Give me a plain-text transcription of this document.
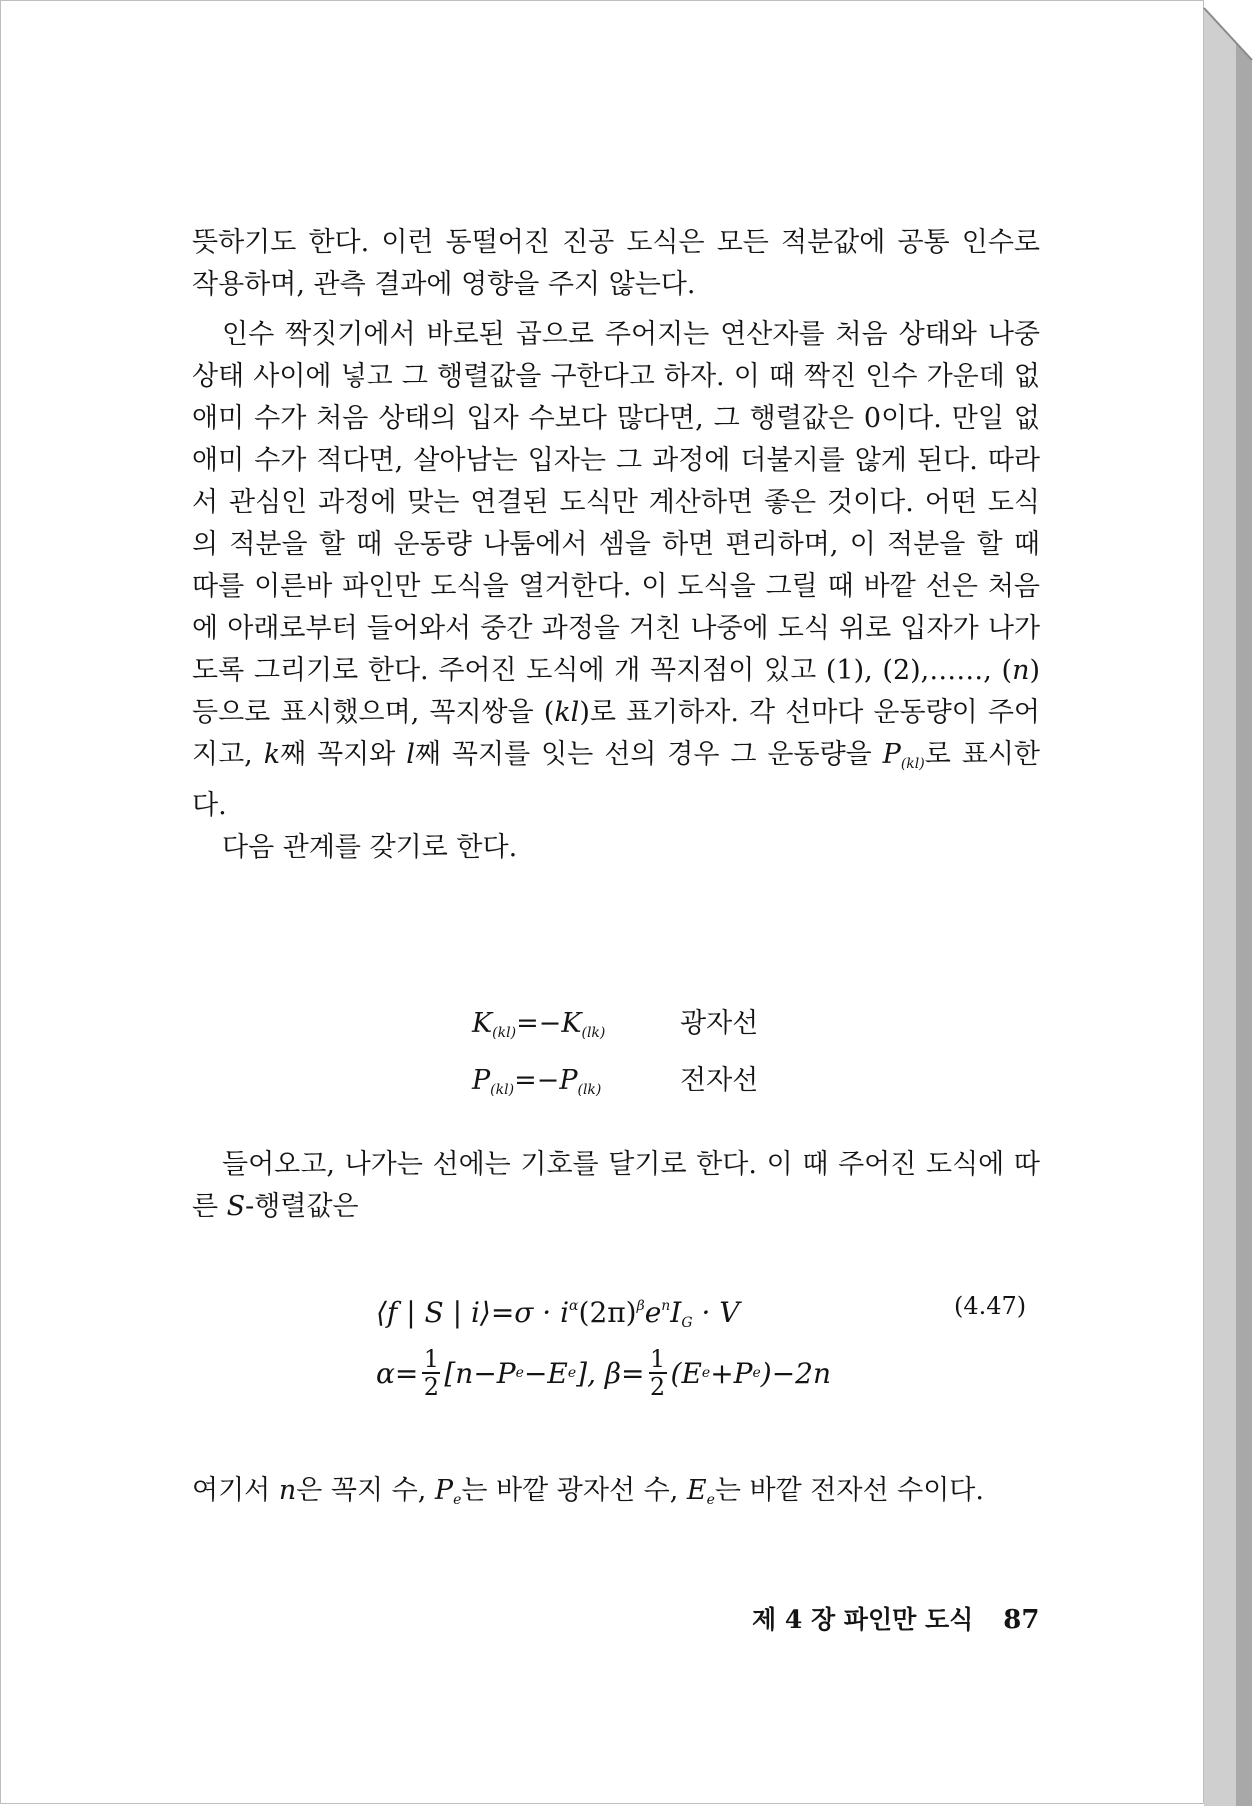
뜻하기도 한다. 이런 동떨어진 진공 도식은 모든 적분값에 공통 인수로 작용하며, 관측 결과에 영향을 주지 않는다.

인수 짝짓기에서 바로된 곱으로 주어지는 연산자를 처음 상태와 나중 상태 사이에 넣고 그 행렬값을 구한다고 하자. 이 때 짝진 인수 가운데 없애미 수가 처음 상태의 입자 수보다 많다면, 그 행렬값은 0이다. 만일 없애미 수가 적다면, 살아남는 입자는 그 과정에 더불지를 않게 된다. 따라서 관심인 과정에 맞는 연결된 도식만 계산하면 좋은 것이다. 어떤 도식의 적분을 할 때 운동량 나툼에서 셈을 하면 편리하며, 이 적분을 할 때 따를 이른바 파인만 도식을 열거한다. 이 도식을 그릴 때 바깥 선은 처음에 아래로부터 들어와서 중간 과정을 거친 나중에 도식 위로 입자가 나가도록 그리기로 한다. 주어진 도식에 개 꼭지점이 있고 (1), (2),……, (n) 등으로 표시했으며, 꼭지쌍을 (kl)로 표기하자. 각 선마다 운동량이 주어지고, k째 꼭지와 l째 꼭지를 잇는 선의 경우 그 운동량을 $P_{(kl)}$로 표시한다.

다음 관계를 갖기로 한다.

$K_{(kl)}=-K_{(lk)}$	광자선
$P_{(kl)}=-P_{(lk)}$	전자선

들어오고, 나가는 선에는 기호를 달기로 한다. 이 때 주어진 도식에 따른 S-행렬값은

⟨f | S | i⟩=σ · $i^\alpha(2\pi)^\beta e^nI_G \cdot V$	(4.47)
$\alpha= \frac{1}{2} [n-P$ e −E e ], $\beta= \frac{1}{2} (E$ e +P e )−2n

여기서 n은 꼭지 수, $P_e$는 바깥 광자선 수, $E_e$는 바깥 전자선 수이다.

제 4 장 파인만 도식 87
